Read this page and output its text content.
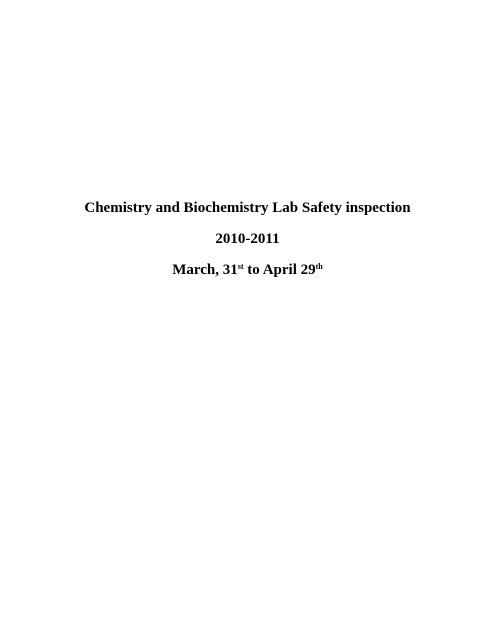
Chemistry and Biochemistry Lab Safety inspection
2010-2011
March, 31st to April 29th
